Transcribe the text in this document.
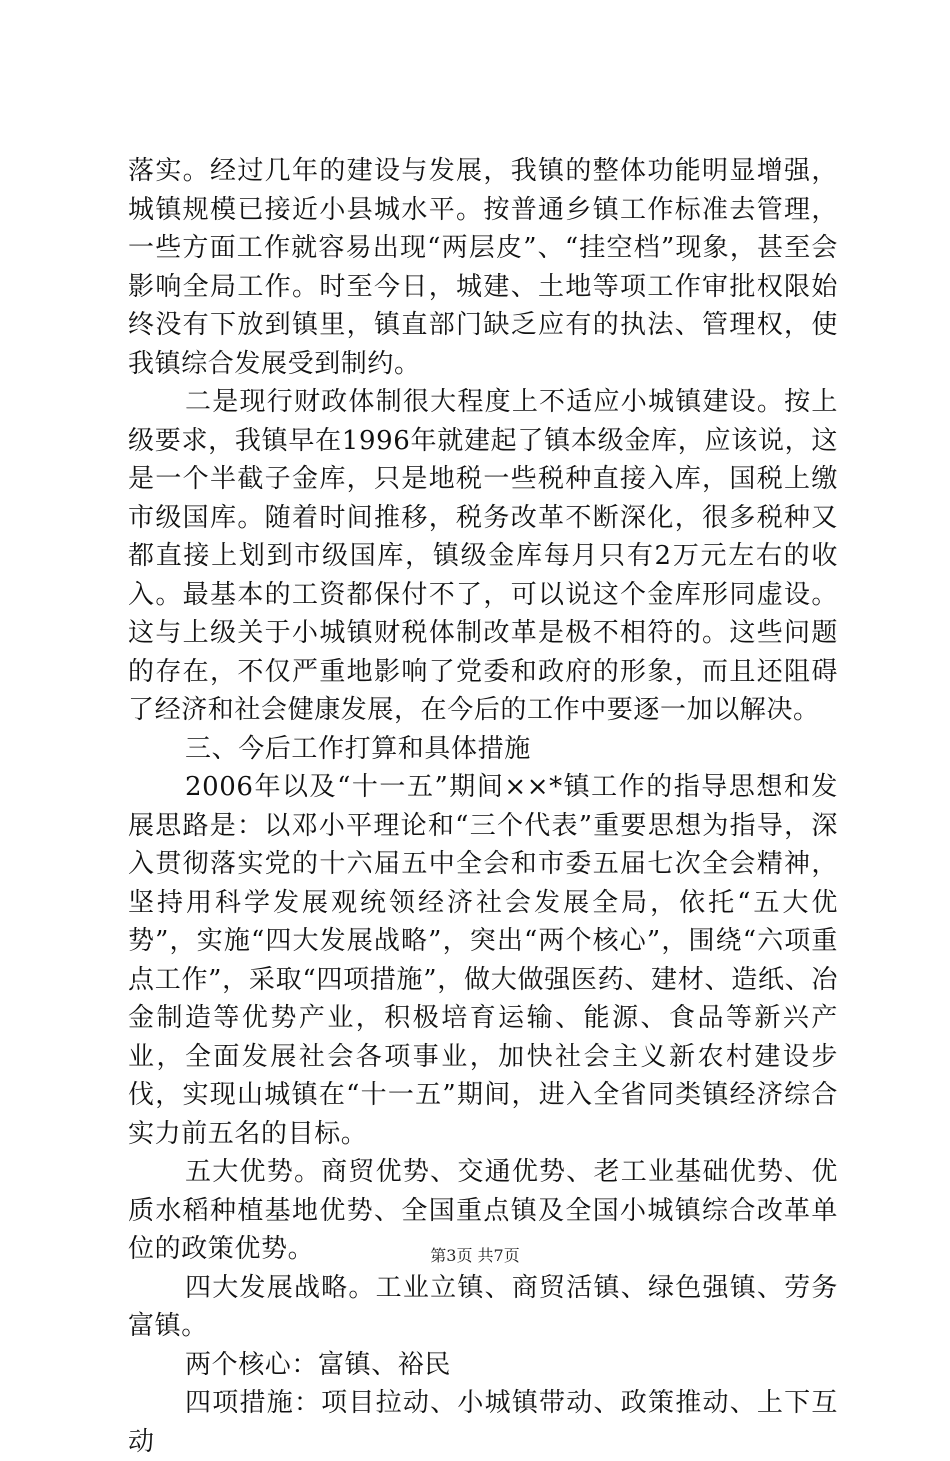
落实。经过几年的建设与发展，我镇的整体功能明显增强，城镇规模已接近小县城水平。按普通乡镇工作标准去管理，一些方面工作就容易出现“两层皮”、“挂空档”现象，甚至会影响全局工作。时至今日，城建、土地等项工作审批权限始终没有下放到镇里，镇直部门缺乏应有的执法、管理权，使我镇综合发展受到制约。

二是现行财政体制很大程度上不适应小城镇建设。按上级要求，我镇早在1996年就建起了镇本级金库，应该说，这是一个半截子金库，只是地税一些税种直接入库，国税上缴市级国库。随着时间推移，税务改革不断深化，很多税种又都直接上划到市级国库，镇级金库每月只有2万元左右的收入。最基本的工资都保付不了，可以说这个金库形同虚设。这与上级关于小城镇财税体制改革是极不相符的。这些问题的存在，不仅严重地影响了党委和政府的形象，而且还阻碍了经济和社会健康发展，在今后的工作中要逐一加以解决。

三、今后工作打算和具体措施

2006年以及“十一五”期间××*镇工作的指导思想和发展思路是：以邓小平理论和“三个代表”重要思想为指导，深入贯彻落实党的十六届五中全会和市委五届七次全会精神，坚持用科学发展观统领经济社会发展全局，依托“五大优势”，实施“四大发展战略”，突出“两个核心”，围绕“六项重点工作”，采取“四项措施”，做大做强医药、建材、造纸、冶金制造等优势产业，积极培育运输、能源、食品等新兴产业，全面发展社会各项事业，加快社会主义新农村建设步伐，实现山城镇在“十一五”期间，进入全省同类镇经济综合实力前五名的目标。

五大优势。商贸优势、交通优势、老工业基础优势、优质水稻种植基地优势、全国重点镇及全国小城镇综合改革单位的政策优势。

四大发展战略。工业立镇、商贸活镇、绿色强镇、劳务富镇。

两个核心：富镇、裕民

四项措施：项目拉动、小城镇带动、政策推动、上下互动

第3页 共7页
